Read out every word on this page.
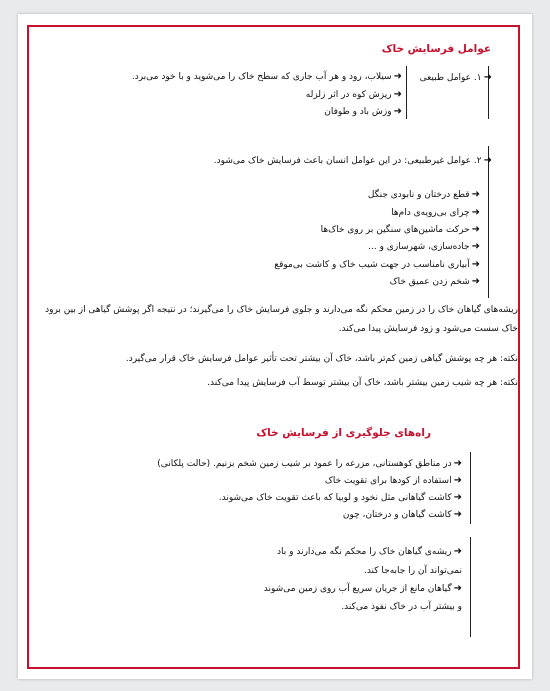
عوامل فرسایش خاک
➜۱. عوامل طبیعی
➜سیلاب، رود و هر آب جاری که سطح خاک را می‌شوید و با خود می‌برد.
➜ریزش کوه در اثر زلزله
➜وزش باد و طوفان
➜۲. عوامل غیرطبیعی: در این عوامل انسان باعث فرسایش خاک می‌شود.
➜قطع درختان و نابودی جنگل
➜چرای بی‌رویه‌ی دام‌ها
➜حرکت ماشین‌های سنگین بر روی خاک‌ها
➜جاده‌سازی، شهرسازی و ...
➜آبیاری نامناسب در جهت شیب خاک و کاشت بی‌موقع
➜شخم زدن عمیق خاک
ریشه‌های گیاهان خاک را در زمین محکم نگه می‌دارند و جلوی فرسایش خاک را می‌گیرند؛ در نتیجه اگر پوشش گیاهی از بین برود
خاک سست می‌شود و زود فرسایش پیدا می‌کند.
نکته: هر چه پوشش گیاهی زمین کم‌تر باشد، خاک آن بیشتر تحت تأثیر عوامل فرسایش خاک قرار می‌گیرد.
نکته: هر چه شیب زمین بیشتر باشد، خاک آن بیشتر توسط آب فرسایش پیدا می‌کند.
راه‌های جلوگیری از فرسایش خاک
➜در مناطق کوهستانی، مزرعه را عمود بر شیب زمین شخم بزنیم. (حالت پلکانی)
➜استفاده از کودها برای تقویت خاک
➜کاشت گیاهانی مثل نخود و لوبیا که باعث تقویت خاک می‌شوند.
➜کاشت گیاهان و درختان، چون
➜ریشه‌ی گیاهان خاک را محکم نگه می‌دارند و باد
نمی‌تواند آن را جابه‌جا کند.
➜گیاهان مانع از جریان سریع آب روی زمین می‌شوند
و بیشتر آب در خاک نفوذ می‌کند.
